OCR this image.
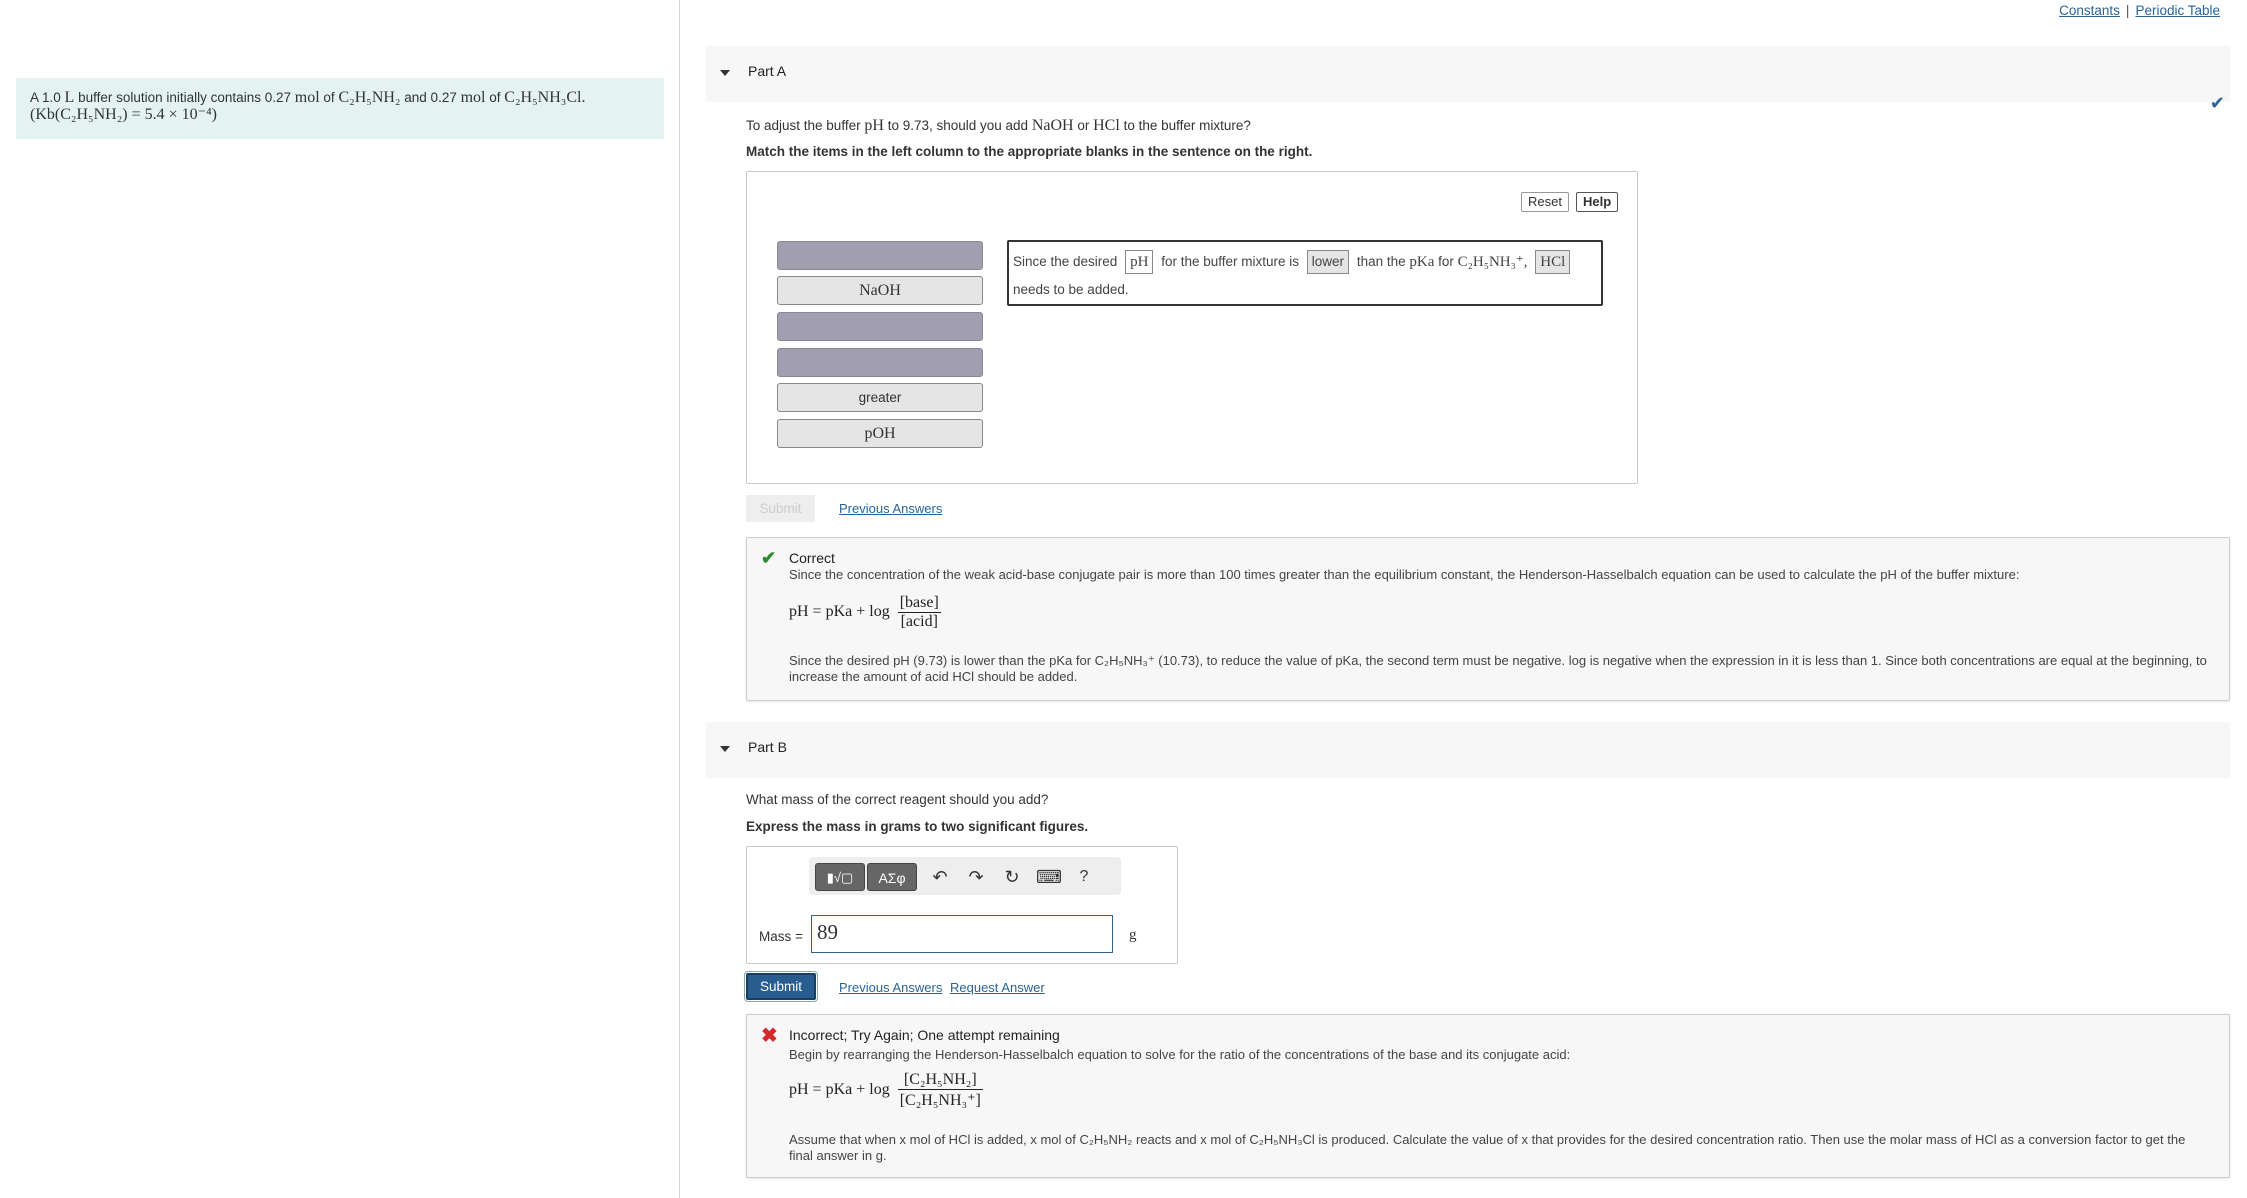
A 1.0 L buffer solution initially contains 0.27 mol of C₂H₅NH₂ and 0.27 mol of C₂H₅NH₃Cl.
(Kb(C₂H₅NH₂) = 5.4 × 10⁻⁴)
Constants | Periodic Table
Part A
✔
To adjust the buffer pH to 9.73, should you add NaOH or HCl to the buffer mixture?
Match the items in the left column to the appropriate blanks in the sentence on the right.
Reset	Help
NaOH
greater
pOH
Since the desired pH for the buffer mixture is lower than the pKa for C₂H₅NH₃⁺, HCl
needs to be added.
Submit	Previous Answers
✔ Correct
Since the concentration of the weak acid-base conjugate pair is more than 100 times greater than the equilibrium constant, the Henderson-Hasselbalch equation can be used to calculate the pH of the buffer mixture:
pH = pKa + $\log \frac{\text{[base]}}{\text{[acid]}}$
Since the desired pH (9.73) is lower than the pKa for C₂H₅NH₃⁺ (10.73), to reduce the value of pKa, the second term must be negative. log is negative when the expression in it is less than 1. Since both concentrations are equal at the beginning, to increase the amount of acid HCl should be added.
Part B
What mass of the correct reagent should you add?
Express the mass in grams to two significant figures.
▮√▢	ΑΣφ	↶	↷	↻ ⌨	?
Mass = 89	g
Submit	Previous Answers Request Answer
✖ Incorrect; Try Again; One attempt remaining
Begin by rearranging the Henderson-Hasselbalch equation to solve for the ratio of the concentrations of the base and its conjugate acid:
pH = pKa + $\log \frac{\text{[C₂H₅NH₂]}}{\text{[C₂H₅NH₃⁺]}}$
Assume that when x mol of HCl is added, x mol of C₂H₅NH₂ reacts and x mol of C₂H₅NH₃Cl is produced. Calculate the value of x that provides for the desired concentration ratio. Then use the molar mass of HCl as a conversion factor to get the final answer in g.
